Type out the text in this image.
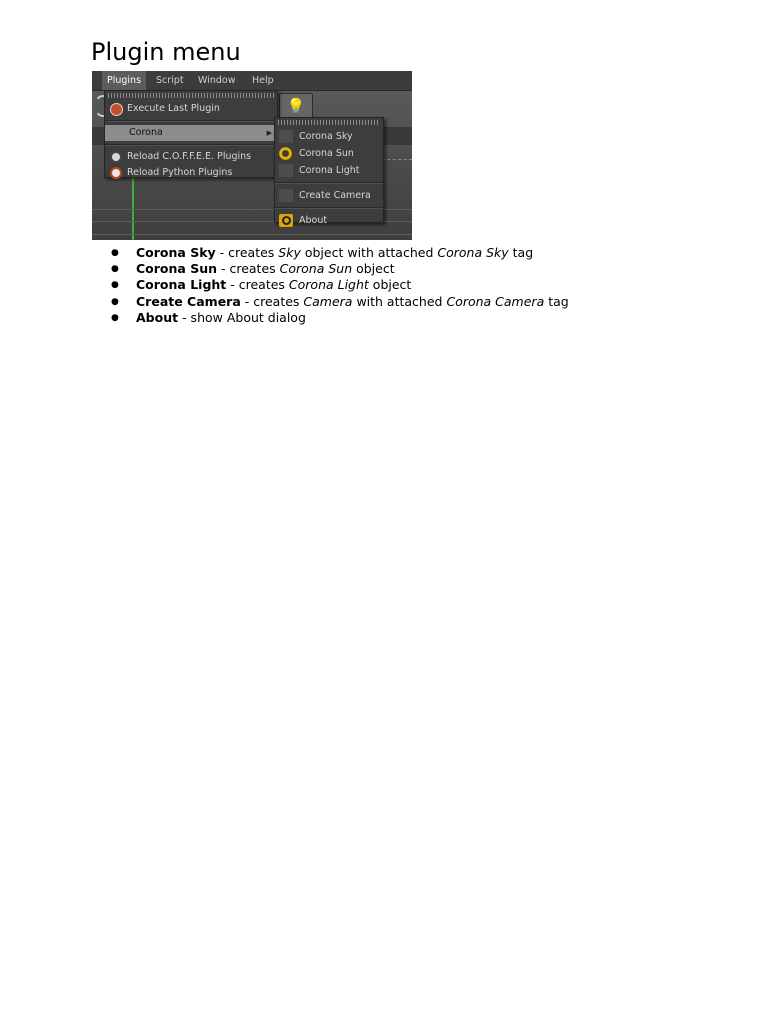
Plugin menu
Plugins	Script	Window	Help
💡
Execute Last Plugin
Corona	▶
Reload C.O.F.F.E.E. Plugins
Reload Python Plugins
Corona Sky
Corona Sun
Corona Light
Create Camera
About
● Corona Sky - creates Sky object with attached Corona Sky tag
● Corona Sun - creates Corona Sun object
● Corona Light - creates Corona Light object
● Create Camera - creates Camera with attached Corona Camera tag
● About - show About dialog
